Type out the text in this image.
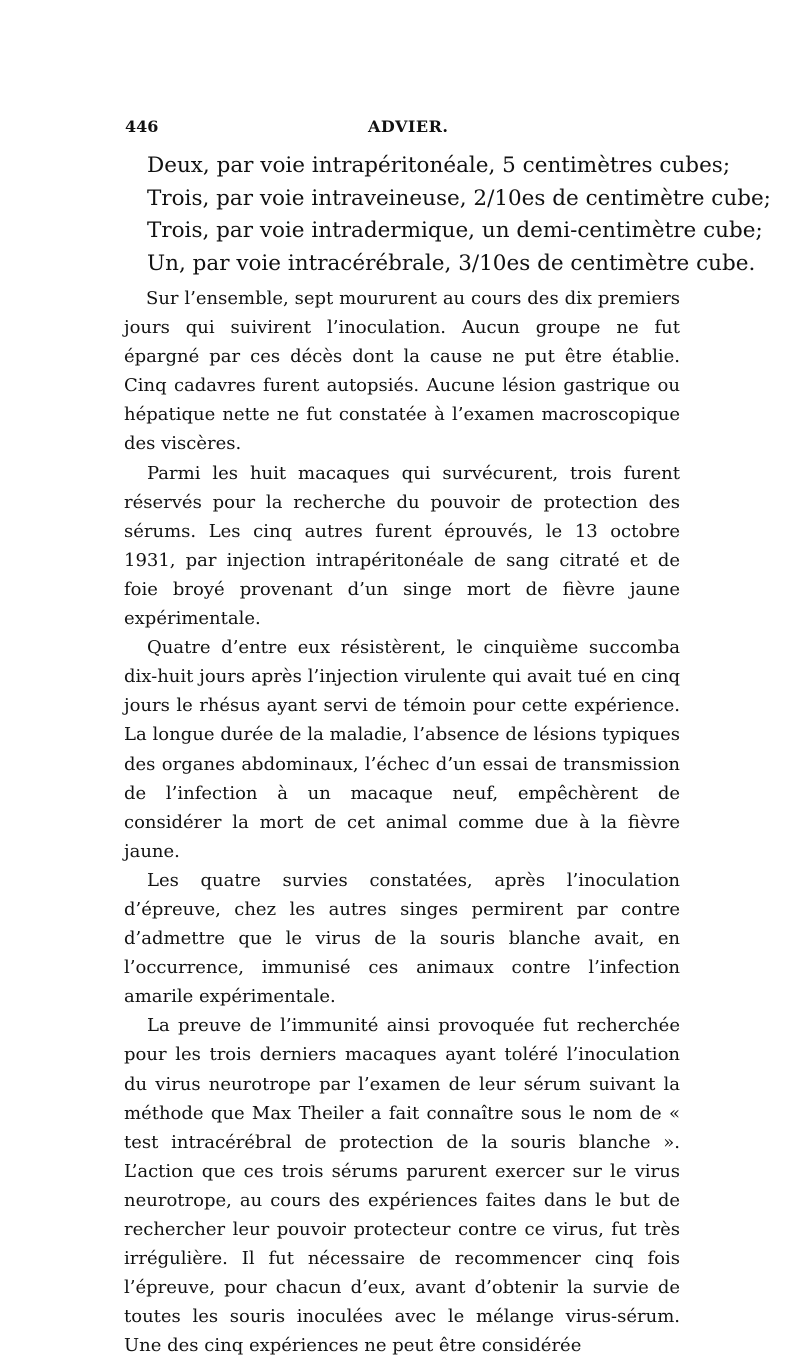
446	ADVIER.
Deux, par voie intrapéritonéale, 5 centimètres cubes;
Trois, par voie intraveineuse, 2/10es de centimètre cube;
Trois, par voie intradermique, un demi-centimètre cube;
Un, par voie intracérébrale, 3/10es de centimètre cube.

Sur l’ensemble, sept moururent au cours des dix premiers jours qui suivirent l’inoculation. Aucun groupe ne fut épargné par ces décès dont la cause ne put être établie. Cinq cadavres furent autopsiés. Aucune lésion gastrique ou hépatique nette ne fut constatée à l’examen macroscopique des viscères.

Parmi les huit macaques qui survécurent, trois furent réservés pour la recherche du pouvoir de protection des sérums. Les cinq autres furent éprouvés, le 13 octobre 1931, par injection intrapéritonéale de sang citraté et de foie broyé provenant d’un singe mort de fièvre jaune expérimentale.

Quatre d’entre eux résistèrent, le cinquième succomba dix-huit jours après l’injection virulente qui avait tué en cinq jours le rhésus ayant servi de témoin pour cette expérience. La longue durée de la maladie, l’absence de lésions typiques des organes abdominaux, l’échec d’un essai de transmission de l’infection à un macaque neuf, empêchèrent de considérer la mort de cet animal comme due à la fièvre jaune.

Les quatre survies constatées, après l’inoculation d’épreuve, chez les autres singes permirent par contre d’admettre que le virus de la souris blanche avait, en l’occurrence, immunisé ces animaux contre l’infection amarile expérimentale.

La preuve de l’immunité ainsi provoquée fut recherchée pour les trois derniers macaques ayant toléré l’inoculation du virus neurotrope par l’examen de leur sérum suivant la méthode que Max Theiler a fait connaître sous le nom de « test intracérébral de protection de la souris blanche ». L’action que ces trois sérums parurent exercer sur le virus neurotrope, au cours des expériences faites dans le but de rechercher leur pouvoir protecteur contre ce virus, fut très irrégulière. Il fut nécessaire de recommencer cinq fois l’épreuve, pour chacun d’eux, avant d’obtenir la survie de toutes les souris inoculées avec le mélange virus-sérum. Une des cinq expériences ne peut être considérée
